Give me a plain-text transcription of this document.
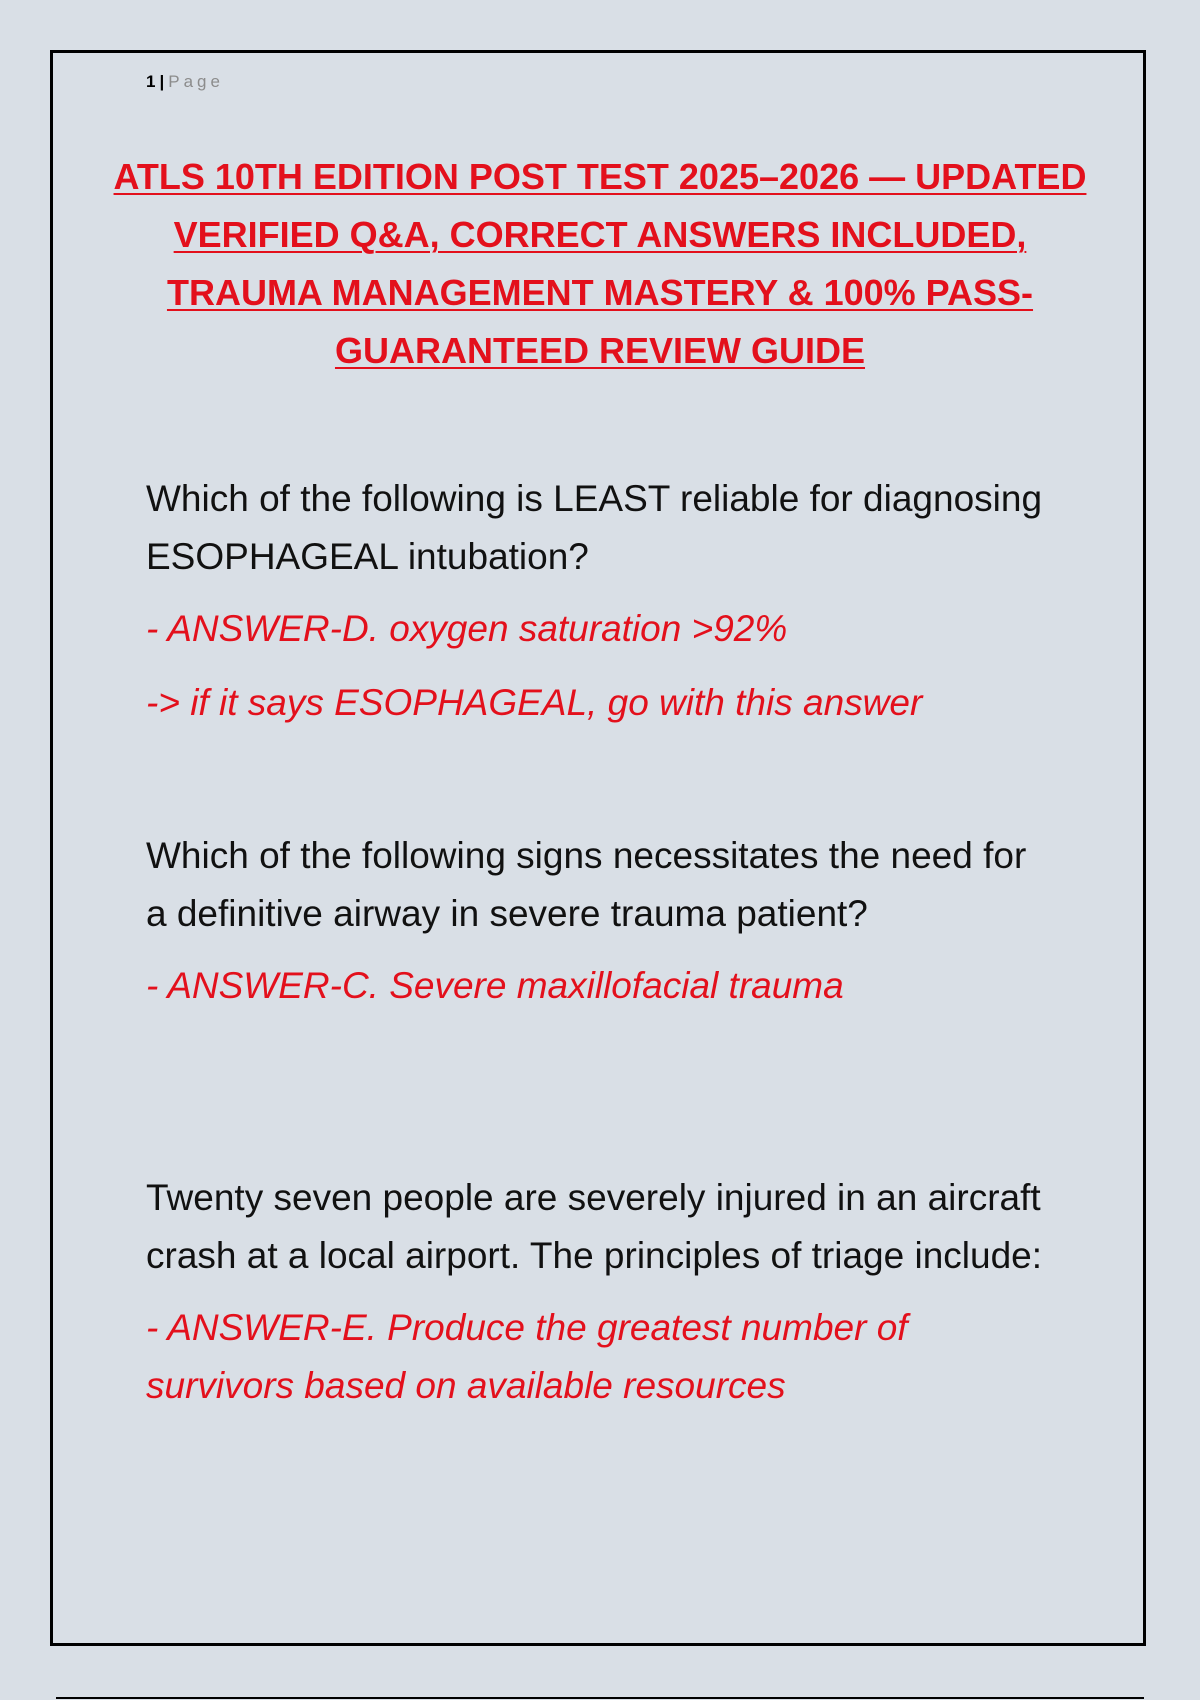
1 | Page
ATLS 10TH EDITION POST TEST 2025–2026 — UPDATED VERIFIED Q&A, CORRECT ANSWERS INCLUDED, TRAUMA MANAGEMENT MASTERY & 100% PASS-GUARANTEED REVIEW GUIDE

Which of the following is LEAST reliable for diagnosing ESOPHAGEAL intubation?

- ANSWER-D. oxygen saturation >92%

-> if it says ESOPHAGEAL, go with this answer

Which of the following signs necessitates the need for a definitive airway in severe trauma patient?

- ANSWER-C. Severe maxillofacial trauma

Twenty seven people are severely injured in an aircraft crash at a local airport. The principles of triage include:

- ANSWER-E. Produce the greatest number of survivors based on available resources
